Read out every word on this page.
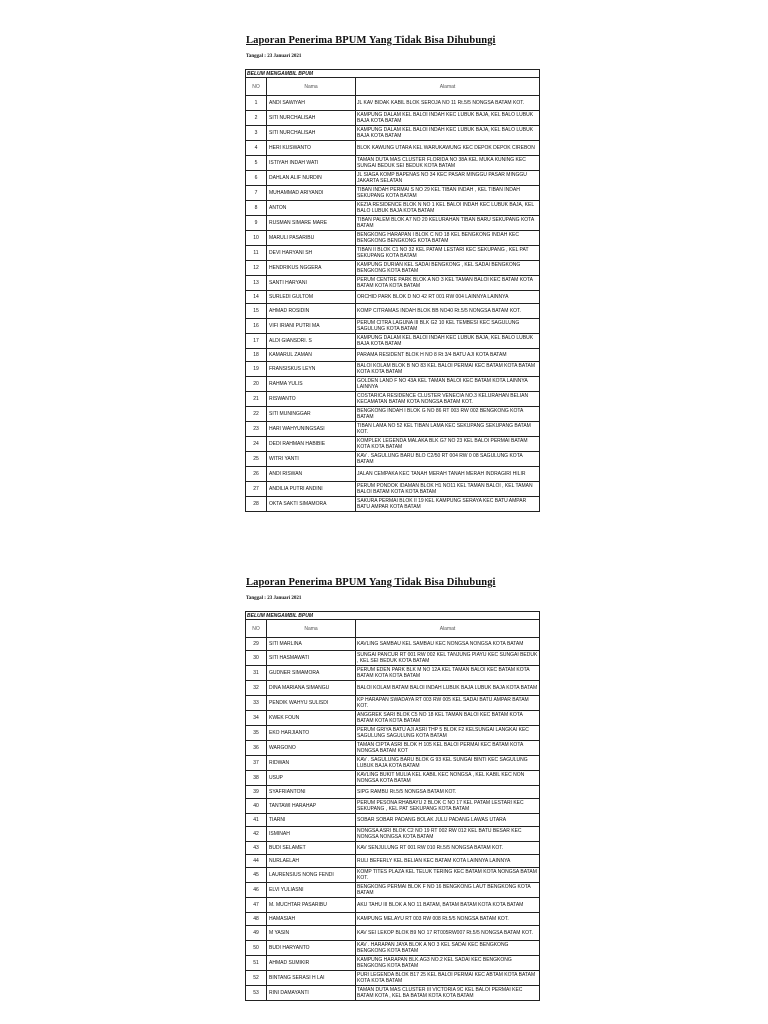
Laporan Penerima BPUM Yang Tidak Bisa Dihubungi
Tanggal : 23 Januari 2021
BELUM MENGAMBIL BPUM		
NO	Nama	Alamat
1	ANDI SAWIYAH	JL KAV BIDAK KABIL BLOK SEROJA NO 11 Rt.5/5 NONGSA BATAM KOT.
2	SITI NURCHALISAH	KAMPUNG DALAM KEL BALOI INDAH KEC LUBUK BAJA, KEL BALO LUBUK BAJA KOTA BATAM
3	SITI NURCHALISAH	KAMPUNG DALAM KEL BALOI INDAH KEC LUBUK BAJA, KEL BALO LUBUK BAJA KOTA BATAM
4	HERI KUSWANTO	BLOK KAWUNG UTARA KEL WARUKAWUNG KEC DEPOK DEPOK CIREBON
5	ISTIYAH INDAH WATI	TAMAN DUTA MAS CLUSTER FLORIDA NO 38A KEL MUKA KUNING KEC SUNGAI BEDUK SEI BEDUK KOTA BATAM
6	DAHLAN ALIF NURDIN	JL SIAGA KOMP BAPENAS NO 34 KEC PASAR MINGGU PASAR MINGGU JAKARTA SELATAN
7	MUHAMMAD ARIYANDI	TIBAN INDAH PERMAI S NO 29 KEL TIBAN INDAH , KEL TIBAN INDAH SEKUPANG KOTA BATAM
8	ANTON	KEZIA RESIDENCE BLOK N NO 1 KEL BALOI INDAH KEC LUBUK BAJA, KEL BALO LUBUK BAJA KOTA BATAM
9	RUSMAN SIMARE MARE	TIBAN PALEM BLOK A7 NO 20 KELURAHAN TIBAN BARU SEKUPANG KOTA BATAM
10	MARULI PASARIBU	BENGKONG HARAPAN I BLOK C NO 18 KEL BENGKONG INDAH KEC BENGKONG BENGKONG KOTA BATAM
11	DEVI HARYANI SH	TIBAN II BLOK C1 NO 32 KEL PATAM LESTARI KEC SEKUPANG , KEL PAT SEKUPANG KOTA BATAM
12	HENDRIKUS NGGERA	KAMPUNG DURIAN KEL SADAI BENGKONG , KEL SADAI BENGKONG BENGKONG KOTA BATAM
13	SANTI HARYANI	PERUM CENTRE PARK BLOK A NO 3 KEL TAMAN BALOI KEC BATAM KOTA BATAM KOTA KOTA BATAM
14	SURLEDI GULTOM	ORCHID PARK BLOK D NO 42 RT 001 RW 004 LAINNYA LAINNYA
15	AHMAD ROSIDIN	KOMP CITRAMAS INDAH BLOK BB NO40 Rt.5/5 NONGSA BATAM KOT.
16	VIFI IRIANI PUTRI MA	PERUM CITRA LAGUNA III BLK G2 10 KEL TEMBESI KEC SAGULUNG SAGULUNG KOTA BATAM
17	ALDI GIANSDRI. S	KAMPUNG DALAM KEL BALOI INDAH KEC LUBUK BAJA, KEL BALO LUBUK BAJA KOTA BATAM
18	KAMARUL ZAMAN	PARAMA RESIDENT BLOK H NO 8 Rt 3/4 BATU AJI KOTA BATAM
19	FRANSISKUS LEYN	BALOI KOLAM BLOK B NO 83 KEL BALOI PERMAI KEC BATAM KOTA BATAM KOTA KOTA BATAM
20	RAHMA YULIS	GOLDEN LAND F NO 43A KEL TAMAN BALOI KEC BATAM KOTA LAINNYA LAINNYA
21	RISWANTO	COSTARICA RESIDENCE CLUSTER VENECIA NO.3 KELURAHAN BELIAN KECAMATAN BATAM KOTA NONGSA BATAM KOT.
22	SITI MUNINGGAR	BENGKONG INDAH I BLOK G NO 86 RT 003 RW 002 BENGKONG KOTA BATAM
23	HARI WAHYUNINGSASI	TIBAN LAMA NO 52 KEL TIBAN LAMA KEC SEKUPANG SEKUPANG BATAM KOT.
24	DEDI RAHMAN HABIBIE	KOMPLEK LEGENDA MALAKA BLK G7 NO 23 KEL BALOI PERMAI BATAM KOTA KOTA BATAM
25	WITRI YANTI	KAV . SAGULUNG BARU BLO C2/50 RT 004 RW 0 08 SAGULUNG KOTA BATAM
26	ANDI RISWAN	JALAN CEMPAKA KEC TANAH MERAH TANAH MERAH INDRAGIRI HILIR
27	ANDILIA PUTRI ANDINI	PERUM PONDOK IDAMAN BLOK H1 NO11 KEL TAMAN BALOI , KEL TAMAN BALOI BATAM KOTA KOTA BATAM
28	OKTA SAKTI SIMAMORA	SAKURA PERMAI BLOK II 19 KEL KAMPUNG SERAYA KEC BATU AMPAR BATU AMPAR KOTA BATAM
Laporan Penerima BPUM Yang Tidak Bisa Dihubungi
Tanggal : 23 Januari 2021
BELUM MENGAMBIL BPUM		
NO	Nama	Alamat
29	SITI MARLINA	KAVLING SAMBAU KEL SAMBAU KEC NONGSA NONGSA KOTA BATAM
30	SITI HASMAWATI	SUNGAI PANCUR RT 001 RW 002 KEL TANJUNG PIAYU KEC SUNGAI BEDUK , KEL SEI BEDUK KOTA BATAM
31	GUDNER SIMAMORA	PERUM EDEN PARK BLK M NO 12A KEL TAMAN BALOI KEC BATAM KOTA BATAM KOTA KOTA BATAM
32	DINA MARIANA SIMANGU	BALOI KOLAM BATAM BALOI INDAH LUBUK BAJA LUBUK BAJA KOTA BATAM
33	PENDIK WAHYU SULISDI	KP HARAPAN SWADAYA RT 003 RW 005 KEL SADAI BATU AMPAR BATAM KOT.
34	KWEK FOUN	ANGGREK SARI BLOK C5 NO 18 KEL TAMAN BALOI KEC BATAM KOTA BATAM KOTA KOTA BATAM
35	EKO HARJIANTO	PERUM GRIYA BATU AJI ASRI THP 5 BLOK F2 KELSUNGAI LANGKAI KEC SAGULUNG SAGULUNG KOTA BATAM
36	WARGONO	TAMAN CIPTA ASRI BLOK H 105 KEL BALOI PERMAI KEC BATAM KOTA NONGSA BATAM KOT
37	RIDWAN	KAV . SAGULUNG BARU BLOK G 93 KEL SUNGAI BINTI KEC SAGULUNG LUBUK BAJA KOTA BATAM
38	USUP	KAVLING BUKIT MULIA KEL KABIL KEC NONGSA , KEL KABIL KEC NON NONGSA KOTA BATAM
39	SYAFRIANTONI	SIPG RAMBU Rt.5/5 NONGSA BATAM KOT.
40	TANTAWI HARAHAP	PERUM PESONA RHABAYU 2 BLOK C NO 17 KEL PATAM LESTARI KEC SEKUPANG , KEL PAT SEKUPANG KOTA BATAM
41	TIARNI	SOBAR SOBAR PADANG BOLAK JULU PADANG LAWAS UTARA
42	ISMINAH	NONGSA ASRI BLOK C2 NO 19 RT 002 RW 012 KEL BATU BESAR KEC NONGSA NONGSA KOTA BATAM
43	BUDI SELAMET	KAV SENJULUNG RT 001 RW 010 Rt.5/5 NONGSA BATAM KOT.
44	NURLAELAH	RULI BEFERLY KEL BELIAN KEC BATAM KOTA LAINNYA LAINNYA
45	LAURENSIUS NONG FENDI	KOMP TITES PLAZA KEL TELUK TERING KEC BATAM KOTA NONGSA BATAM KOT.
46	ELVI YULIASNI	BENGKONG PERMAI BLOK F NO 16 BENGKONG LAUT BENGKONG KOTA BATAM
47	M. MUCHTAR PASARIBU	AKU TAHU III BLOK A NO 11 BATAM, BATAM BATAM KOTA KOTA BATAM
48	HAMASIAH	KAMPUNG MELAYU RT 003 RW 008 Rt.5/5 NONGSA BATAM KOT.
49	M YASIN	KAV SEI LEKOP BLOK B9 NO 17 RT005RW007 Rt.5/5 NONGSA BATAM KOT.
50	BUDI HARYANTO	KAV . HARAPAN JAYA BLOK A NO 3 KEL SADAI KEC BENGKONG BENGKONG KOTA BATAM
51	AHMAD SUMIKIR	KAMPUNG HARAPAN BLK.AG3 NO.2 KEL SADAI KEC BENGKONG BENGKONG KOTA BATAM
52	BINTANG SERASI H LAI	PURI LEGENDA BLOK B17 25 KEL BALOI PERMAI KEC ABTAM KOTA BATAM KOTA KOTA BATAM
53	RINI DAMAYANTI	TAMAN DUTA MAS CLUSTER III VICTORIA 9C KEL BALOI PERMAI KEC BATAM KOTA , KEL BA BATAM KOTA KOTA BATAM
